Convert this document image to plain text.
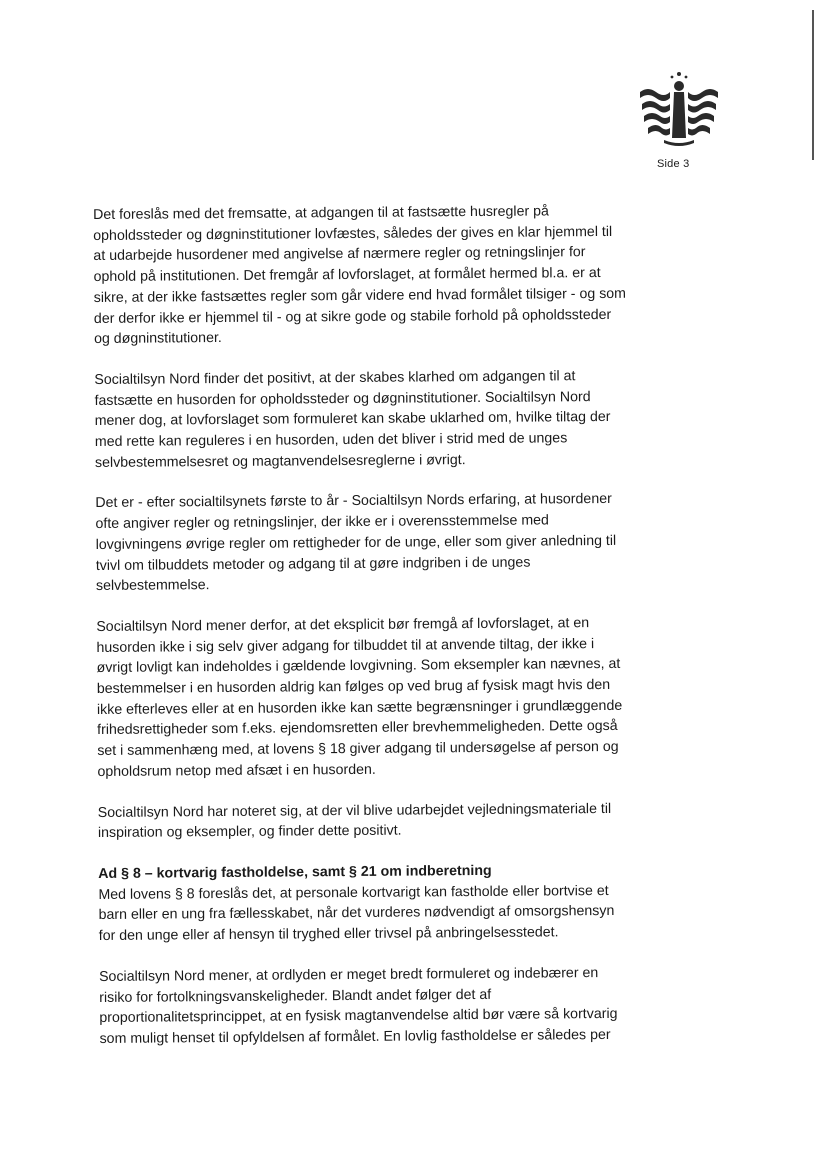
Side 3

Det foreslås med det fremsatte, at adgangen til at fastsætte husregler på
opholdssteder og døgninstitutioner lovfæstes, således der gives en klar hjemmel til
at udarbejde husordener med angivelse af nærmere regler og retningslinjer for
ophold på institutionen. Det fremgår af lovforslaget, at formålet hermed bl.a. er at
sikre, at der ikke fastsættes regler som går videre end hvad formålet tilsiger - og som
der derfor ikke er hjemmel til - og at sikre gode og stabile forhold på opholdssteder
og døgninstitutioner.

Socialtilsyn Nord finder det positivt, at der skabes klarhed om adgangen til at
fastsætte en husorden for opholdssteder og døgninstitutioner. Socialtilsyn Nord
mener dog, at lovforslaget som formuleret kan skabe uklarhed om, hvilke tiltag der
med rette kan reguleres i en husorden, uden det bliver i strid med de unges
selvbestemmelsesret og magtanvendelsesreglerne i øvrigt.

Det er - efter socialtilsynets første to år - Socialtilsyn Nords erfaring, at husordener
ofte angiver regler og retningslinjer, der ikke er i overensstemmelse med
lovgivningens øvrige regler om rettigheder for de unge, eller som giver anledning til
tvivl om tilbuddets metoder og adgang til at gøre indgriben i de unges
selvbestemmelse.

Socialtilsyn Nord mener derfor, at det eksplicit bør fremgå af lovforslaget, at en
husorden ikke i sig selv giver adgang for tilbuddet til at anvende tiltag, der ikke i
øvrigt lovligt kan indeholdes i gældende lovgivning. Som eksempler kan nævnes, at
bestemmelser i en husorden aldrig kan følges op ved brug af fysisk magt hvis den
ikke efterleves eller at en husorden ikke kan sætte begrænsninger i grundlæggende
frihedsrettigheder som f.eks. ejendomsretten eller brevhemmeligheden. Dette også
set i sammenhæng med, at lovens § 18 giver adgang til undersøgelse af person og
opholdsrum netop med afsæt i en husorden.

Socialtilsyn Nord har noteret sig, at der vil blive udarbejdet vejledningsmateriale til
inspiration og eksempler, og finder dette positivt.

Ad § 8 – kortvarig fastholdelse, samt § 21 om indberetning

Med lovens § 8 foreslås det, at personale kortvarigt kan fastholde eller bortvise et
barn eller en ung fra fællesskabet, når det vurderes nødvendigt af omsorgshensyn
for den unge eller af hensyn til tryghed eller trivsel på anbringelsesstedet.

Socialtilsyn Nord mener, at ordlyden er meget bredt formuleret og indebærer en
risiko for fortolkningsvanskeligheder. Blandt andet følger det af
proportionalitetsprincippet, at en fysisk magtanvendelse altid bør være så kortvarig
som muligt henset til opfyldelsen af formålet. En lovlig fastholdelse er således per
